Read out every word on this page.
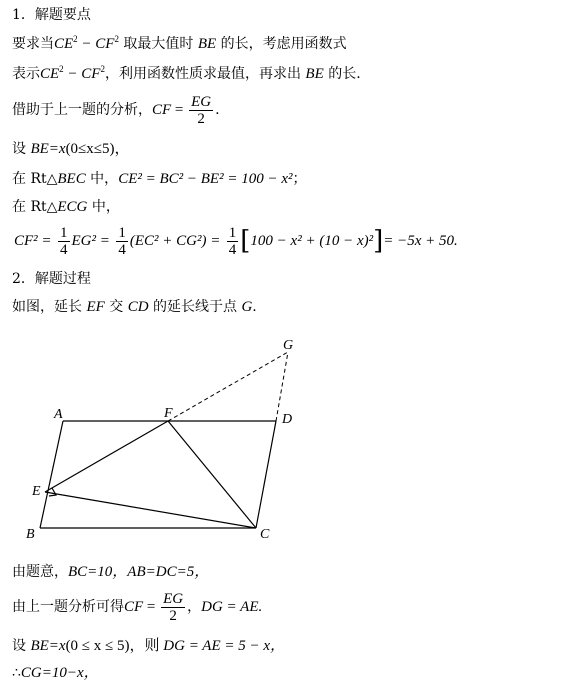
1．解题要点
要求当$CE^2 - CF^2$ 取最大值时 BE 的长，考虑用函数式
表示$CE^2 - CF^2$，利用函数性质求最值，再求出 BE 的长.
借助于上一题的分析，CF = $\frac{EG}{2}$ .
设 BE=x(0≤x≤5)，
在 Rt△BEC 中，CE² = BC² − BE² = 100 − x²；
在 Rt△ECG 中，
$CF^2 = \frac{1}{4} EG^2 = \frac{1}{4} (EC^2 + CG^2) = \frac{1}{4} [100 - x^2 + (10 - x)^2]= -5x + 50$.
2．解题过程
如图，延长 EF 交 CD 的延长线于点 G.
A
B	C
D
E
F
G
由题意，BC=10，AB=DC=5，
由上一题分析可得CF = $\frac{EG}{2}$ ，DG = AE.
设 BE=x(0 ≤ x ≤ 5)，则 DG = AE = 5 − x，
∴CG=10−x，
